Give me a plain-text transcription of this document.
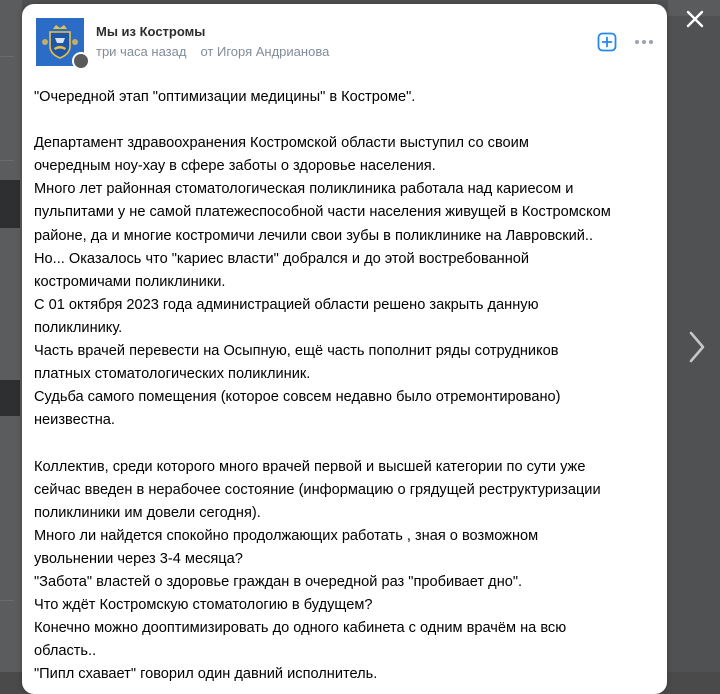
Мы из Костромы
три часа назад от Игоря Андрианова
"Очередной этап "оптимизации медицины" в Костроме".
Департамент здравоохранения Костромской области выступил со своим
очередным ноу-хау в сфере заботы о здоровье населения.
Много лет районная стоматологическая поликлиника работала над кариесом и
пульпитами у не самой платежеспособной части населения живущей в Костромском
районе, да и многие костромичи лечили свои зубы в поликлинике на Лавровский..
Но... Оказалось что "кариес власти" добрался и до этой востребованной
костромичами поликлиники.
С 01 октября 2023 года администрацией области решено закрыть данную
поликлинику.
Часть врачей перевести на Осыпную, ещё часть пополнит ряды сотрудников
платных стоматологических поликлиник.
Судьба самого помещения (которое совсем недавно было отремонтировано)
неизвестна.
Коллектив, среди которого много врачей первой и высшей категории по сути уже
сейчас введен в нерабочее состояние (информацию о грядущей реструктуризации
поликлиники им довели сегодня).
Много ли найдется спокойно продолжающих работать , зная о возможном
увольнении через 3-4 месяца?
"Забота" властей о здоровье граждан в очередной раз "пробивает дно".
Что ждёт Костромскую стоматологию в будущем?
Конечно можно дооптимизировать до одного кабинета с одним врачём на всю
область..
"Пипл схавает" говорил один давний исполнитель.
